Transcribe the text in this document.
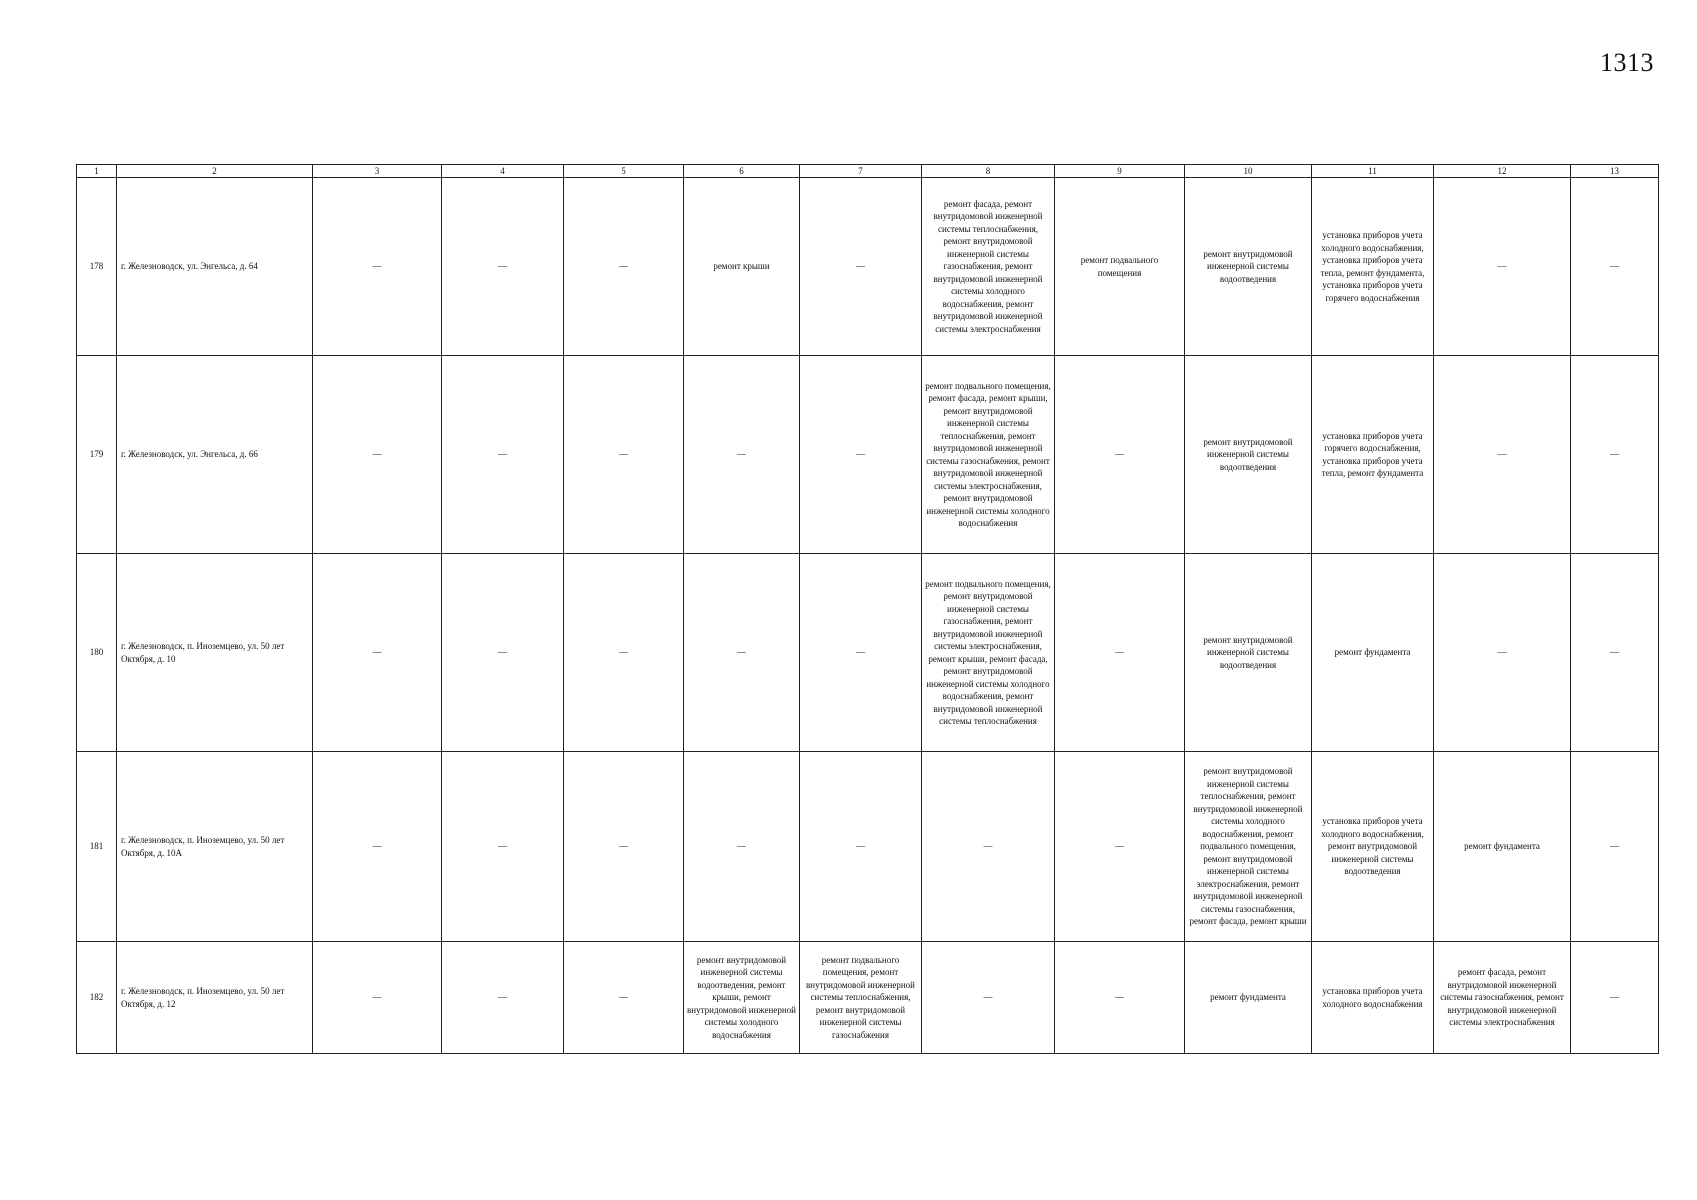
1313
1	2	3	4	5	6	7	8	9	10	11	12	13
178	г. Железноводск, ул. Энгельса, д. 64	—	—	—	ремонт крыши	—	ремонт фасада, ремонт внутридомовой инженерной системы теплоснабжения, ремонт внутридомовой инженерной системы газоснабжения, ремонт внутридомовой инженерной системы холодного водоснабжения, ремонт внутридомовой инженерной системы электроснабжения	ремонт подвального помещения	ремонт внутридомовой инженерной системы водоотведения	установка приборов учета холодного водоснабжения, установка приборов учета тепла, ремонт фундамента, установка приборов учета горячего водоснабжения	—	—
179	г. Железноводск, ул. Энгельса, д. 66	—	—	—	—	—	ремонт подвального помещения, ремонт фасада, ремонт крыши, ремонт внутридомовой инженерной системы теплоснабжения, ремонт внутридомовой инженерной системы газоснабжения, ремонт внутридомовой инженерной системы электроснабжения, ремонт внутридомовой инженерной системы холодного водоснабжения	—	ремонт внутридомовой инженерной системы водоотведения	установка приборов учета горячего водоснабжения, установка приборов учета тепла, ремонт фундамента	—	—
180	г. Железноводск, п. Иноземцево, ул. 50 лет Октября, д. 10	—	—	—	—	—	ремонт подвального помещения, ремонт внутридомовой инженерной системы газоснабжения, ремонт внутридомовой инженерной системы электроснабжения, ремонт крыши, ремонт фасада, ремонт внутридомовой инженерной системы холодного водоснабжения, ремонт внутридомовой инженерной системы теплоснабжения	—	ремонт внутридомовой инженерной системы водоотведения	ремонт фундамента	—	—
181	г. Железноводск, п. Иноземцево, ул. 50 лет Октября, д. 10А	—	—	—	—	—	—	—	ремонт внутридомовой инженерной системы теплоснабжения, ремонт внутридомовой инженерной системы холодного водоснабжения, ремонт подвального помещения, ремонт внутридомовой инженерной системы электроснабжения, ремонт внутридомовой инженерной системы газоснабжения, ремонт фасада, ремонт крыши	установка приборов учета холодного водоснабжения, ремонт внутридомовой инженерной системы водоотведения	ремонт фундамента	—
182	г. Железноводск, п. Иноземцево, ул. 50 лет Октября, д. 12	—	—	—	ремонт внутридомовой инженерной системы водоотведения, ремонт крыши, ремонт внутридомовой инженерной системы холодного водоснабжения	ремонт подвального помещения, ремонт внутридомовой инженерной системы теплоснабжения, ремонт внутридомовой инженерной системы газоснабжения	—	—	ремонт фундамента	установка приборов учета холодного водоснабжения	ремонт фасада, ремонт внутридомовой инженерной системы газоснабжения, ремонт внутридомовой инженерной системы электроснабжения	—
